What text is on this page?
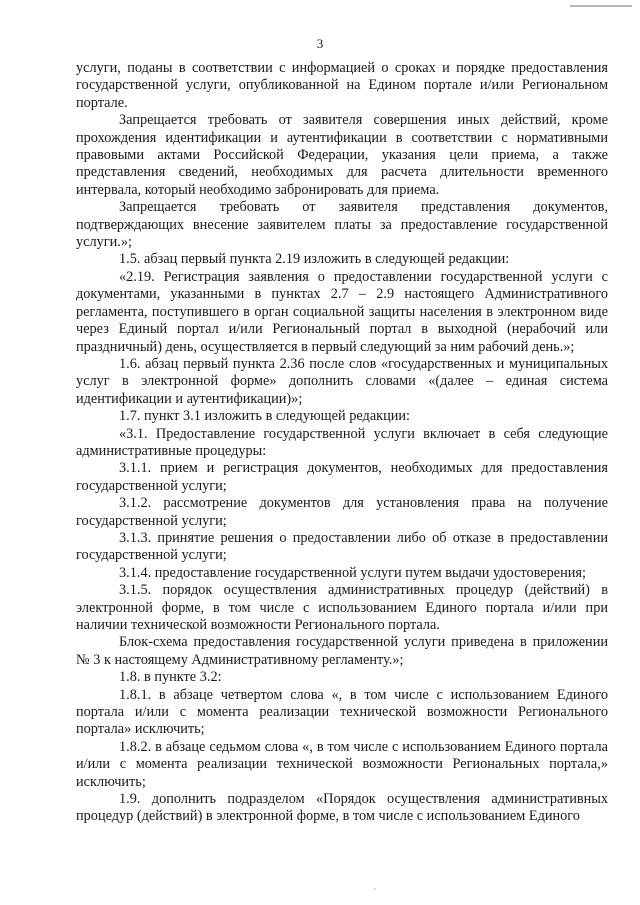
3

услуги, поданы в соответствии с информацией о сроках и порядке предоставления государственной услуги, опубликованной на Едином портале и/или Региональном портале.

Запрещается требовать от заявителя совершения иных действий, кроме прохождения идентификации и аутентификации в соответствии с нормативными правовыми актами Российской Федерации, указания цели приема, а также представления сведений, необходимых для расчета длительности временного интервала, который необходимо забронировать для приема.

Запрещается требовать от заявителя представления документов, подтверждающих внесение заявителем платы за предоставление государственной услуги.»;

1.5. абзац первый пункта 2.19 изложить в следующей редакции:

«2.19. Регистрация заявления о предоставлении государственной услуги с документами, указанными в пунктах 2.7 – 2.9 настоящего Административного регламента, поступившего в орган социальной защиты населения в электронном виде через Единый портал и/или Региональный портал в выходной (нерабочий или праздничный) день, осуществляется в первый следующий за ним рабочий день.»;

1.6. абзац первый пункта 2.36 после слов «государственных и муниципальных услуг в электронной форме» дополнить словами «(далее – единая система идентификации и аутентификации)»;

1.7. пункт 3.1 изложить в следующей редакции:

«3.1. Предоставление государственной услуги включает в себя следующие административные процедуры:

3.1.1. прием и регистрация документов, необходимых для предоставления государственной услуги;

3.1.2. рассмотрение документов для установления права на получение государственной услуги;

3.1.3. принятие решения о предоставлении либо об отказе в предоставлении государственной услуги;

3.1.4. предоставление государственной услуги путем выдачи удостоверения;

3.1.5. порядок осуществления административных процедур (действий) в электронной форме, в том числе с использованием Единого портала и/или при наличии технической возможности Регионального портала.

Блок-схема предоставления государственной услуги приведена в приложении № 3 к настоящему Административному регламенту.»;

1.8. в пункте 3.2:

1.8.1. в абзаце четвертом слова «, в том числе с использованием Единого портала и/или с момента реализации технической возможности Регионального портала» исключить;

1.8.2. в абзаце седьмом слова «, в том числе с использованием Единого портала и/или с момента реализации технической возможности Региональных портала,» исключить;

1.9. дополнить подразделом «Порядок осуществления административных процедур (действий) в электронной форме, в том числе с использованием Единого
